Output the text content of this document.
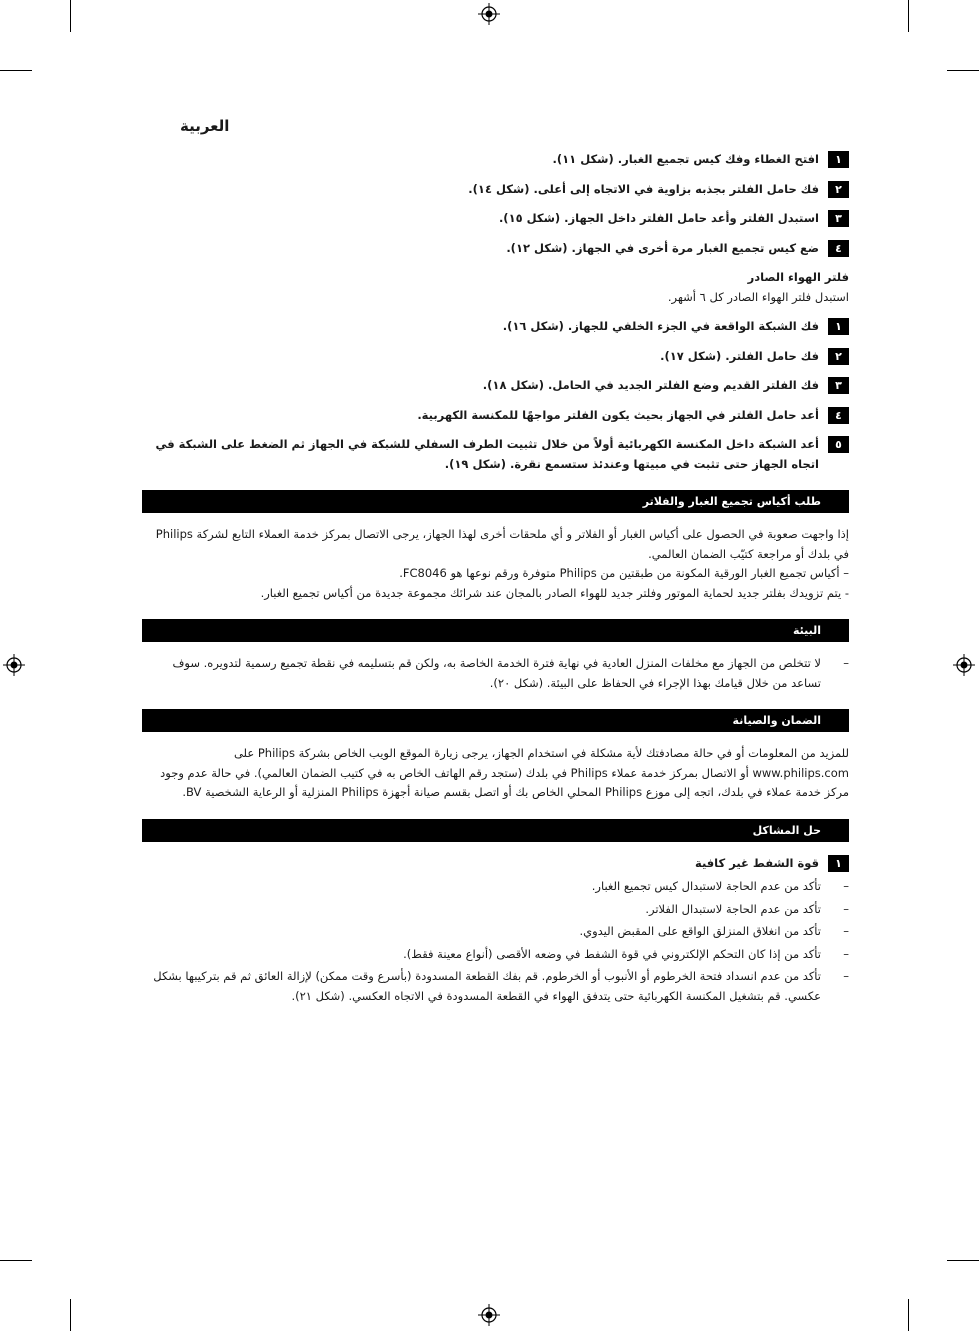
العربية
١
افتح الغطاء وفك كيس تجميع الغبار. (شكل ١١).
٢
فك حامل الفلتر بجذبه بزاوية في الاتجاه إلى أعلى. (شكل ١٤).
٣
استبدل الفلتر وأعد حامل الفلتر داخل الجهاز. (شكل ١٥).
٤
ضع كيس تجميع الغبار مرة أخرى في الجهاز. (شكل ١٢).
فلتر الهواء الصادر
استبدل فلتر الهواء الصادر كل ٦ أشهر.
١
فك الشبكة الواقعة في الجزء الخلفي للجهاز. (شكل ١٦).
٢
فك حامل الفلتر. (شكل ١٧).
٣
فك الفلتر القديم وضع الفلتر الجديد في الحامل. (شكل ١٨).
٤
أعد حامل الفلتر في الجهاز بحيث يكون الفلتر مواجهًا للمكنسة الكهربية.
٥
أعد الشبكة داخل المكنسة الكهربائية أولاً من خلال تثبيت الطرف السفلي للشبكة في الجهاز ثم الضغط على الشبكة في اتجاه الجهاز حتى تثبت في مبيتها وعندئذ ستسمع نقرة. (شكل ١٩).
طلب أكياس تجميع الغبار والفلاتر
إذا واجهت صعوبة في الحصول على أكياس الغبار أو الفلاتر و أي ملحقات أخرى لهذا الجهاز، يرجى الاتصال بمركز خدمة العملاء التابع لشركة Philips في بلدك أو مراجعة كتيّب الضمان العالمي.
– أكياس تجميع الغبار الورقية المكونة من طبقتين من Philips متوفرة ورقم نوعها هو FC8046.
- يتم تزويدك بفلتر جديد لحماية الموتور وفلتر جديد للهواء الصادر بالمجان عند شرائك مجموعة جديدة من أكياس تجميع الغبار.
البيئة
–
لا تتخلص من الجهاز مع مخلفات المنزل العادية في نهاية فترة الخدمة الخاصة به، ولكن قم بتسليمه في نقطة تجميع رسمية لتدويره. سوف تساعد من خلال قيامك بهذا الإجراء في الحفاظ على البيئة. (شكل ٢٠).
الضمان والصيانة
للمزيد من المعلومات أو في حالة مصادفتك لأية مشكلة في استخدام الجهاز، يرجى زيارة الموقع الويب الخاص بشركة Philips على www.philips.com أو الاتصال بمركز خدمة عملاء Philips في بلدك (ستجد رقم الهاتف الخاص به في كتيب الضمان العالمي). في حالة عدم وجود مركز خدمة عملاء في بلدك، اتجه إلى موزع Philips المحلي الخاص بك أو اتصل بقسم صيانة أجهزة Philips المنزلية أو الرعاية الشخصية BV.
حل المشاكل
١
قوة الشفط غير كافية
–
تأكد من عدم الحاجة لاستبدال كيس تجميع الغبار.
–
تأكد من عدم الحاجة لاستبدال الفلاتر.
–
تأكد من انغلاق المنزلق الواقع على المقبض اليدوي.
–
تأكد من إذا كان التحكم الإلكتروني في قوة الشفط في وضعه الأقصى (أنواع معينة فقط).
–
تأكد من عدم انسداد فتحة الخرطوم أو الأنبوب أو الخرطوم. قم بفك القطعة المسدودة (بأسرع وقت ممكن) لإزالة العائق ثم قم بتركيبها بشكل عكسي. قم بتشغيل المكنسة الكهربائية حتى يتدفق الهواء في القطعة المسدودة في الاتجاه العكسي. (شكل ٢١).
